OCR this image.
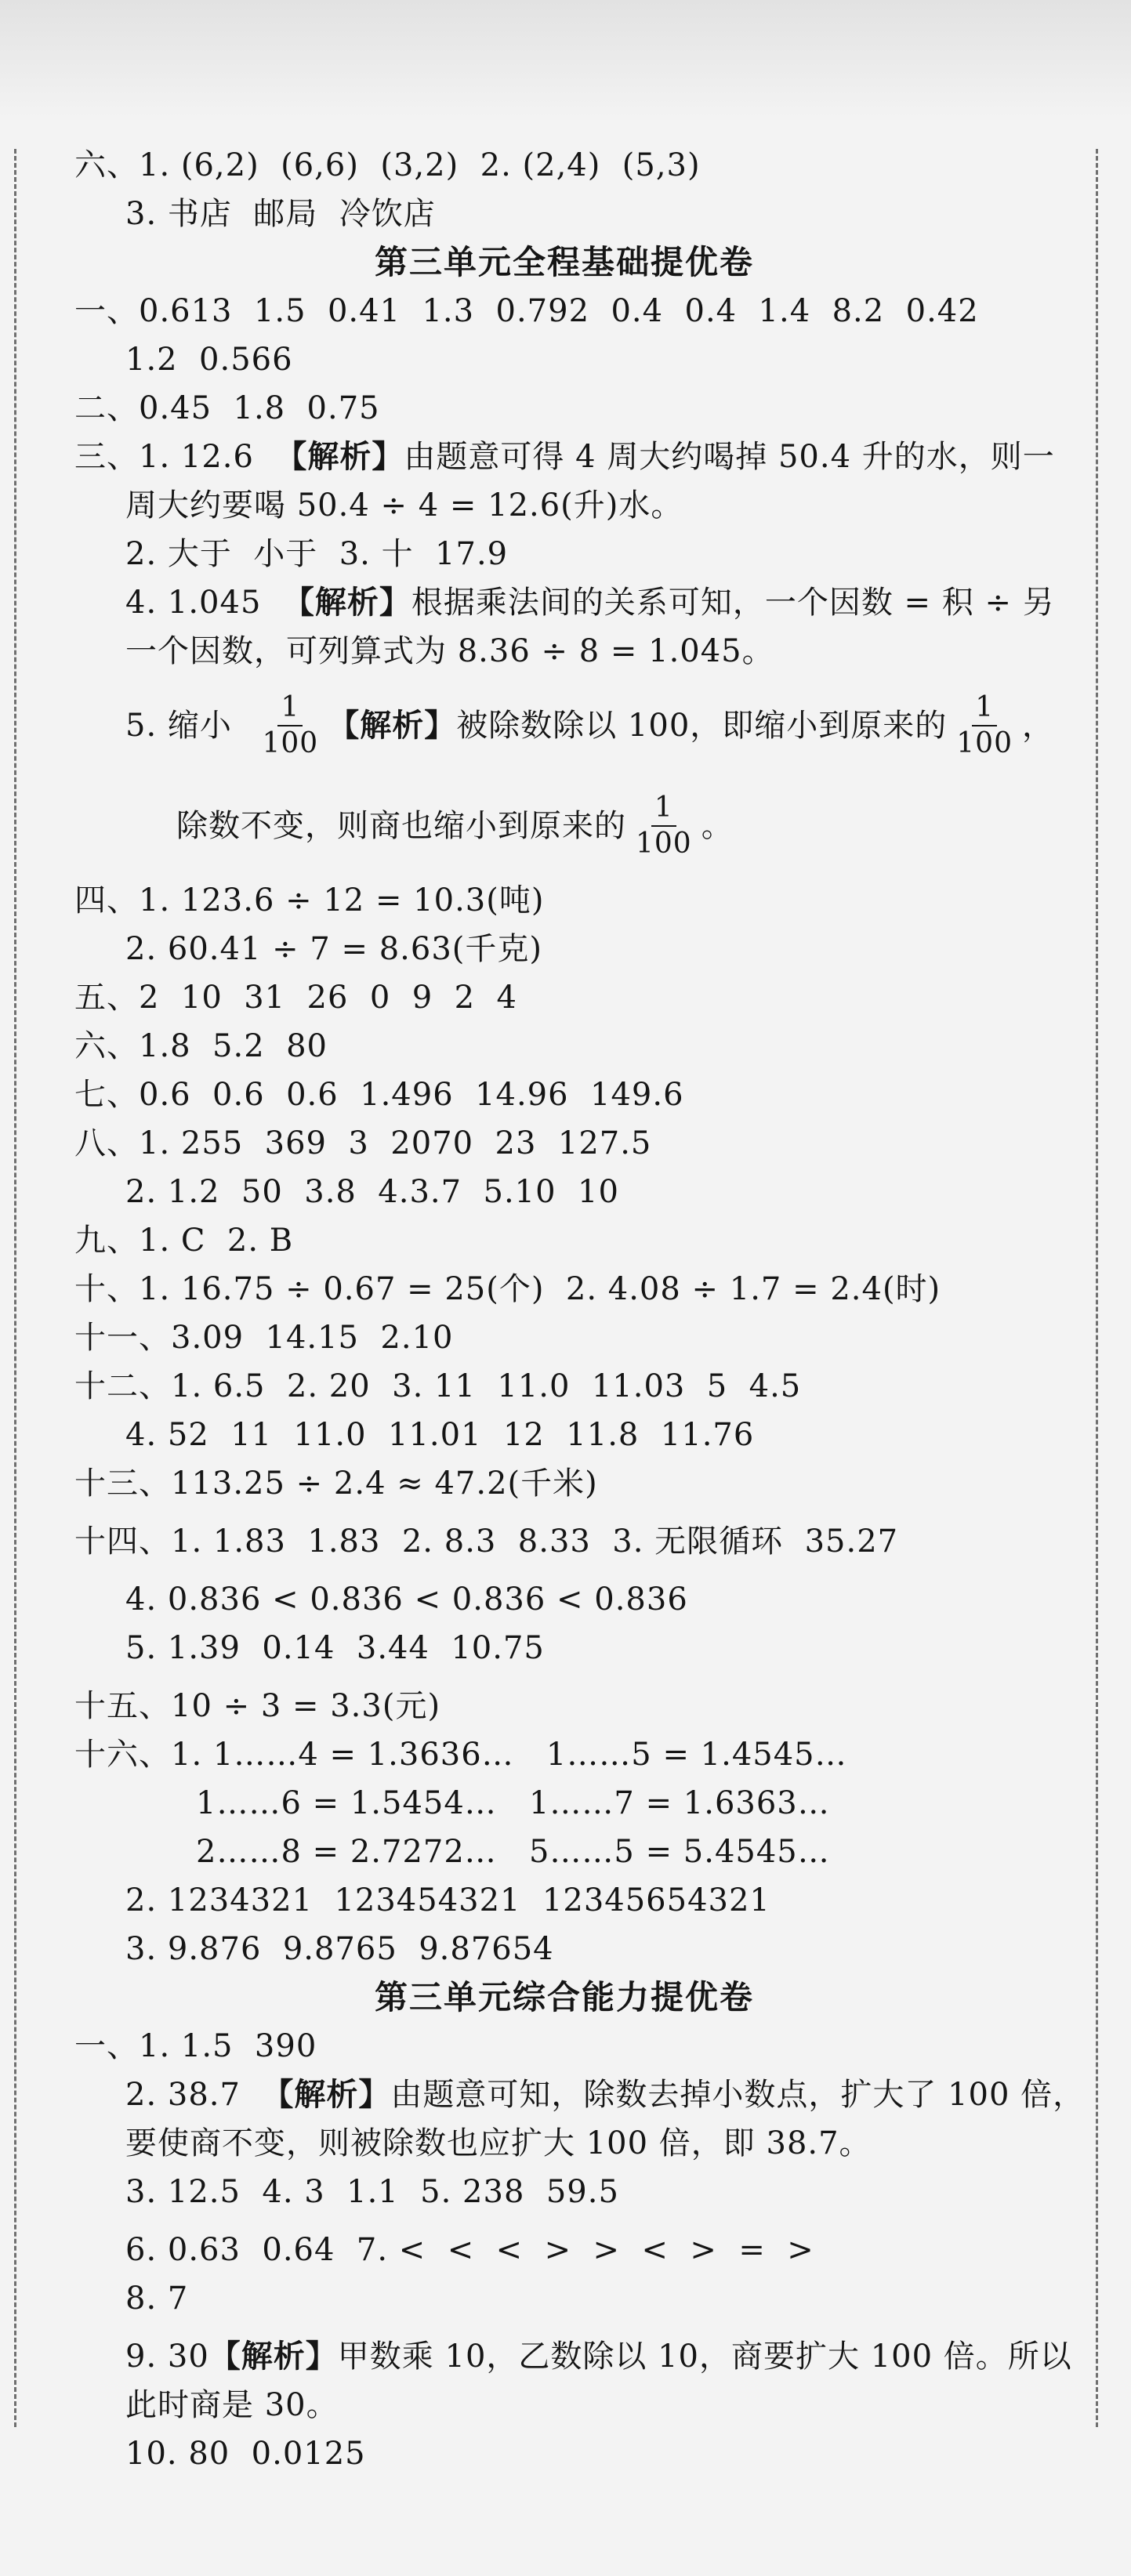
六、1. (6,2)  (6,6)  (3,2)  2. (2,4)  (5,3)
3. 书店  邮局  冷饮店
第三单元全程基础提优卷
一、0.613  1.5  0.41  1.3  0.792  0.4  0.4  1.4  8.2  0.42
1.2  0.566
二、0.45  1.8  0.75
三、1. 12.6 【解析】由题意可得 4 周大约喝掉 50.4 升的水，则一
周大约要喝 50.4 ÷ 4 = 12.6(升)水。
2. 大于  小于  3. 十  17.9
4. 1.045 【解析】根据乘法间的关系可知，一个因数 = 积 ÷ 另
一个因数，可列算式为 8.36 ÷ 8 = 1.045。
5. 缩小 $\frac{1}{100}$ 【解析】 被除数除以 100，即缩小到原来的 $\frac{1}{100}$ ，
除数不变，则商也缩小到原来的 $\frac{1}{100}$ 。
四、1. 123.6 ÷ 12 = 10.3(吨)
2. 60.41 ÷ 7 = 8.63(千克)
五、2  10  31  26  0  9  2  4
六、1.8  5.2  80
七、0.6  0.6  0.6  1.496  14.96  149.6
八、1. 255  369  3  2070  23  127.5
2. 1.2  50  3.8  4.3.7  5.10  10
九、1. C  2. B
十、1. 16.75 ÷ 0.67 = 25(个)  2. 4.08 ÷ 1.7 = 2.4(时)
十一、3.09  14.15  2.10
十二、1. 6.5  2. 20  3. 11  11.0  11.03  5  4.5
4. 52  11  11.0  11.01  12  11.8  11.76
十三、113.25 ÷ 2.4 ≈ 47.2(千米)
十四、1. 1.83  1.83  2. 8.3  8.33  3. 无限循环  35.27
4. 0.836 < 0.836 < 0.836 < 0.836
5. 1.39  0.14  3.44  10.75
十五、10 ÷ 3 = 3.3(元)
十六、1. 1……4 = 1.3636…   1……5 = 1.4545…
1……6 = 1.5454…   1……7 = 1.6363…
2……8 = 2.7272…   5……5 = 5.4545…
2. 1234321  123454321  12345654321
3. 9.876  9.8765  9.87654
第三单元综合能力提优卷
一、1. 1.5  390
2. 38.7 【解析】由题意可知，除数去掉小数点，扩大了 100 倍，
要使商不变，则被除数也应扩大 100 倍，即 38.7。
3. 12.5  4. 3  1.1  5. 238  59.5
6. 0.63  0.64  7. <  <  <  >  >  <  >  =  >
8. 7
9. 30 【解析】 甲数乘 10，乙数除以 10，商要扩大 100 倍。所以
此时商是 30。
10. 80  0.0125
